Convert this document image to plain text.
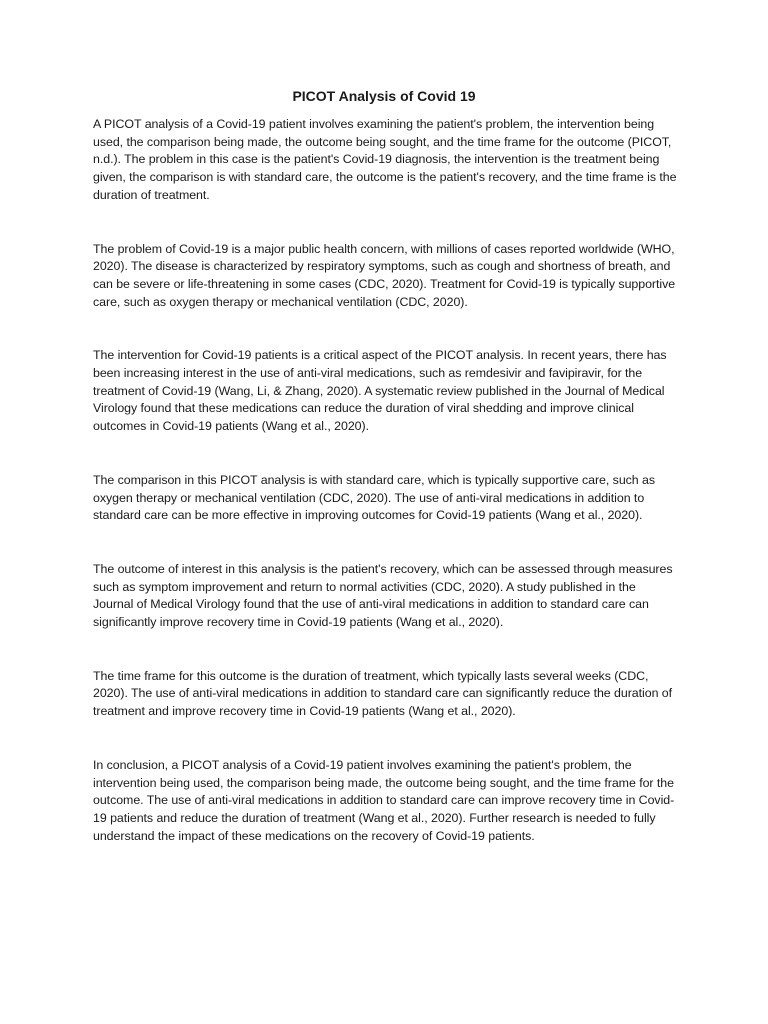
PICOT Analysis of Covid 19

A PICOT analysis of a Covid-19 patient involves examining the patient's problem, the intervention being used, the comparison being made, the outcome being sought, and the time frame for the outcome (PICOT, n.d.). The problem in this case is the patient's Covid-19 diagnosis, the intervention is the treatment being given, the comparison is with standard care, the outcome is the patient's recovery, and the time frame is the duration of treatment.

The problem of Covid-19 is a major public health concern, with millions of cases reported worldwide (WHO, 2020). The disease is characterized by respiratory symptoms, such as cough and shortness of breath, and can be severe or life-threatening in some cases (CDC, 2020). Treatment for Covid-19 is typically supportive care, such as oxygen therapy or mechanical ventilation (CDC, 2020).

The intervention for Covid-19 patients is a critical aspect of the PICOT analysis. In recent years, there has been increasing interest in the use of anti-viral medications, such as remdesivir and favipiravir, for the treatment of Covid-19 (Wang, Li, & Zhang, 2020). A systematic review published in the Journal of Medical Virology found that these medications can reduce the duration of viral shedding and improve clinical outcomes in Covid-19 patients (Wang et al., 2020).

The comparison in this PICOT analysis is with standard care, which is typically supportive care, such as oxygen therapy or mechanical ventilation (CDC, 2020). The use of anti-viral medications in addition to standard care can be more effective in improving outcomes for Covid-19 patients (Wang et al., 2020).

The outcome of interest in this analysis is the patient's recovery, which can be assessed through measures such as symptom improvement and return to normal activities (CDC, 2020). A study published in the Journal of Medical Virology found that the use of anti-viral medications in addition to standard care can significantly improve recovery time in Covid-19 patients (Wang et al., 2020).

The time frame for this outcome is the duration of treatment, which typically lasts several weeks (CDC, 2020). The use of anti-viral medications in addition to standard care can significantly reduce the duration of treatment and improve recovery time in Covid-19 patients (Wang et al., 2020).

In conclusion, a PICOT analysis of a Covid-19 patient involves examining the patient's problem, the intervention being used, the comparison being made, the outcome being sought, and the time frame for the outcome. The use of anti-viral medications in addition to standard care can improve recovery time in Covid-19 patients and reduce the duration of treatment (Wang et al., 2020). Further research is needed to fully understand the impact of these medications on the recovery of Covid-19 patients.
